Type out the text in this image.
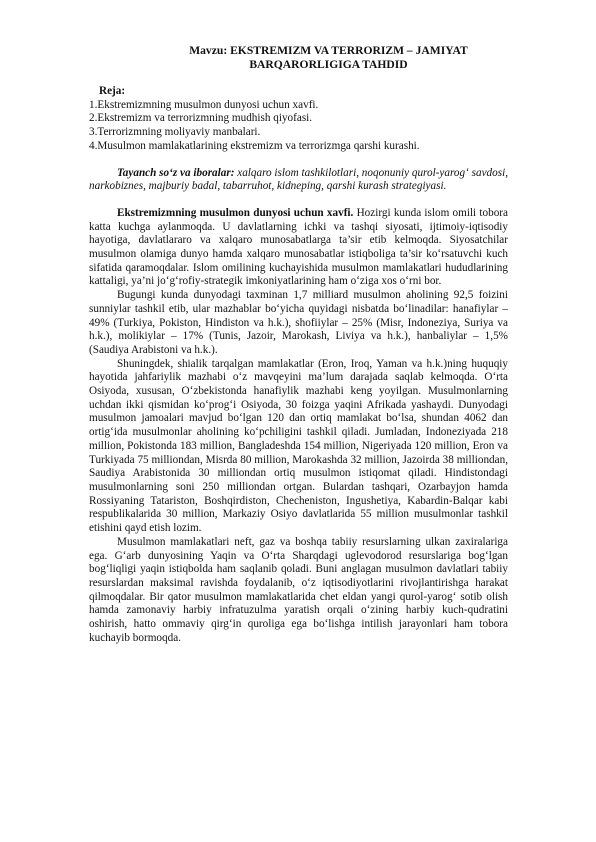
Mavzu: EKSTREMIZM VA TERRORIZM – JAMIYAT
BARQARORLIGIGA TAHDID
Reja:
1.Ekstremizmning musulmon dunyosi uchun xavfi.
2.Ekstremizm va terrorizmning mudhish qiyofasi.
3.Terrorizmning moliyaviy manbalari.
4.Musulmon mamlakatlarining ekstremizm va terrorizmga qarshi kurashi.

Tayanch so‘z va iboralar: xalqaro islom tashkilotlari, noqonuniy qurol-yarog‘ savdosi, narkobiznes, majburiy badal, tabarruhot, kidneping, qarshi kurash strategiyasi.

Ekstremizmning musulmon dunyosi uchun xavfi. Hozirgi kunda islom omili tobora katta kuchga aylanmoqda. U davlatlarning ichki va tashqi siyosati, ijtimoiy-iqtisodiy hayotiga, davlatlararo va xalqaro munosabatlarga ta’sir etib kelmoqda. Siyosatchilar musulmon olamiga dunyo hamda xalqaro munosabatlar istiqboliga ta’sir ko‘rsatuvchi kuch sifatida qaramoqdalar. Islom omilining kuchayishida musulmon mamlakatlari hududlarining kattaligi, ya’ni jo‘g‘rofiy-strategik imkoniyatlarining ham o‘ziga xos o‘rni bor.

Bugungi kunda dunyodagi taxminan 1,7 milliard musulmon aholining 92,5 foizini sunniylar tashkil etib, ular mazhablar bo‘yicha quyidagi nisbatda bo‘linadilar: hanafiylar – 49% (Turkiya, Pokiston, Hindiston va h.k.), shofiiylar – 25% (Misr, Indoneziya, Suriya va h.k.), molikiylar – 17% (Tunis, Jazoir, Marokash, Liviya va h.k.), hanbaliylar – 1,5% (Saudiya Arabistoni va h.k.).

Shuningdek, shialik tarqalgan mamlakatlar (Eron, Iroq, Yaman va h.k.)ning huquqiy hayotida jahfariylik mazhabi o‘z mavqeyini ma’lum darajada saqlab kelmoqda. O‘rta Osiyoda, xususan, O‘zbekistonda hanafiylik mazhabi keng yoyilgan. Musulmonlarning uchdan ikki qismidan ko‘prog‘i Osiyoda, 30 foizga yaqini Afrikada yashaydi. Dunyodagi musulmon jamoalari mavjud bo‘lgan 120 dan ortiq mamlakat bo‘lsa, shundan 4062 dan ortig‘ida musulmonlar aholining ko‘pchiligini tashkil qiladi. Jumladan, Indoneziyada 218 million, Pokistonda 183 million, Bangladeshda 154 million, Nigeriyada 120 million, Eron va Turkiyada 75 milliondan, Misrda 80 million, Marokashda 32 million, Jazoirda 38 milliondan, Saudiya Arabistonida 30 milliondan ortiq musulmon istiqomat qiladi. Hindistondagi musulmonlarning soni 250 milliondan ortgan. Bulardan tashqari, Ozarbayjon hamda Rossiyaning Tatariston, Boshqirdiston, Checheniston, Ingushetiya, Kabardin-Balqar kabi respublikalarida 30 million, Markaziy Osiyo davlatlarida 55 million musulmonlar tashkil etishini qayd etish lozim.

Musulmon mamlakatlari neft, gaz va boshqa tabiiy resurslarning ulkan zaxiralariga ega. G‘arb dunyosining Yaqin va O‘rta Sharqdagi uglevodorod resurslariga bog‘lgan bog‘liqligi yaqin istiqbolda ham saqlanib qoladi. Buni anglagan musulmon davlatlari tabiiy resurslardan maksimal ravishda foydalanib, o‘z iqtisodiyotlarini rivojlantirishga harakat qilmoqdalar. Bir qator musulmon mamlakatlarida chet eldan yangi qurol-yarog‘ sotib olish hamda zamonaviy harbiy infratuzulma yaratish orqali o‘zining harbiy kuch-qudratini oshirish, hatto ommaviy qirg‘in quroliga ega bo‘lishga intilish jarayonlari ham tobora kuchayib bormoqda.
